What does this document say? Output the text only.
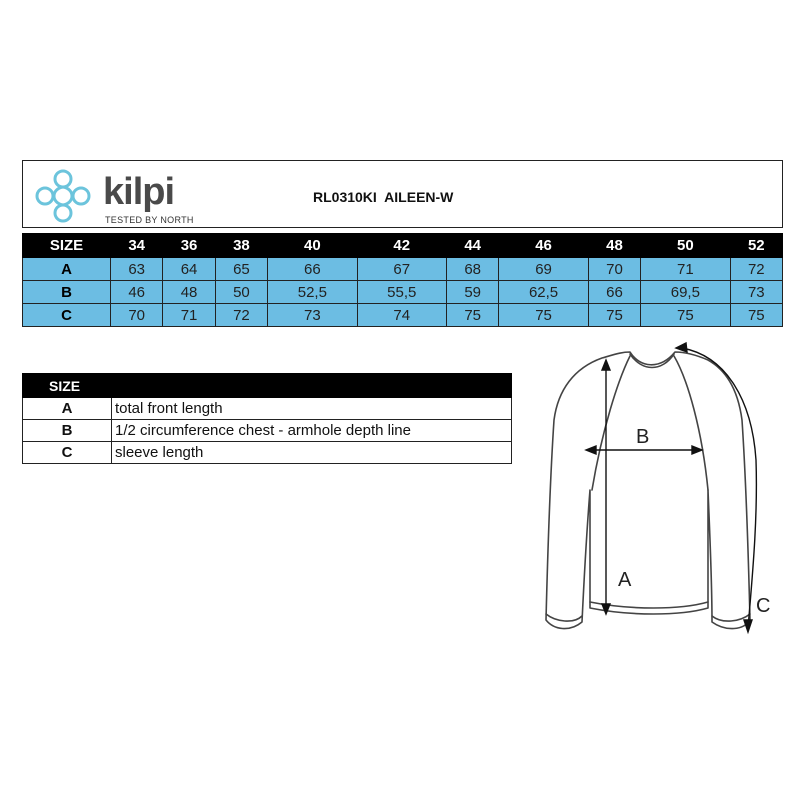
kilpi
TESTED BY NORTH
RL0310KI AILEEN-W
SIZE	34	36	38	40	42	44	46	48	50	52
A	63	64	65	66	67	68	69	70	71	72
B	46	48	50	52,5	55,5	59	62,5	66	69,5	73
C	70	71	72	73	74	75	75	75	75	75
SIZE	
A	total front length
B	1/2 circumference chest - armhole depth line
C	sleeve length
A
B
C
